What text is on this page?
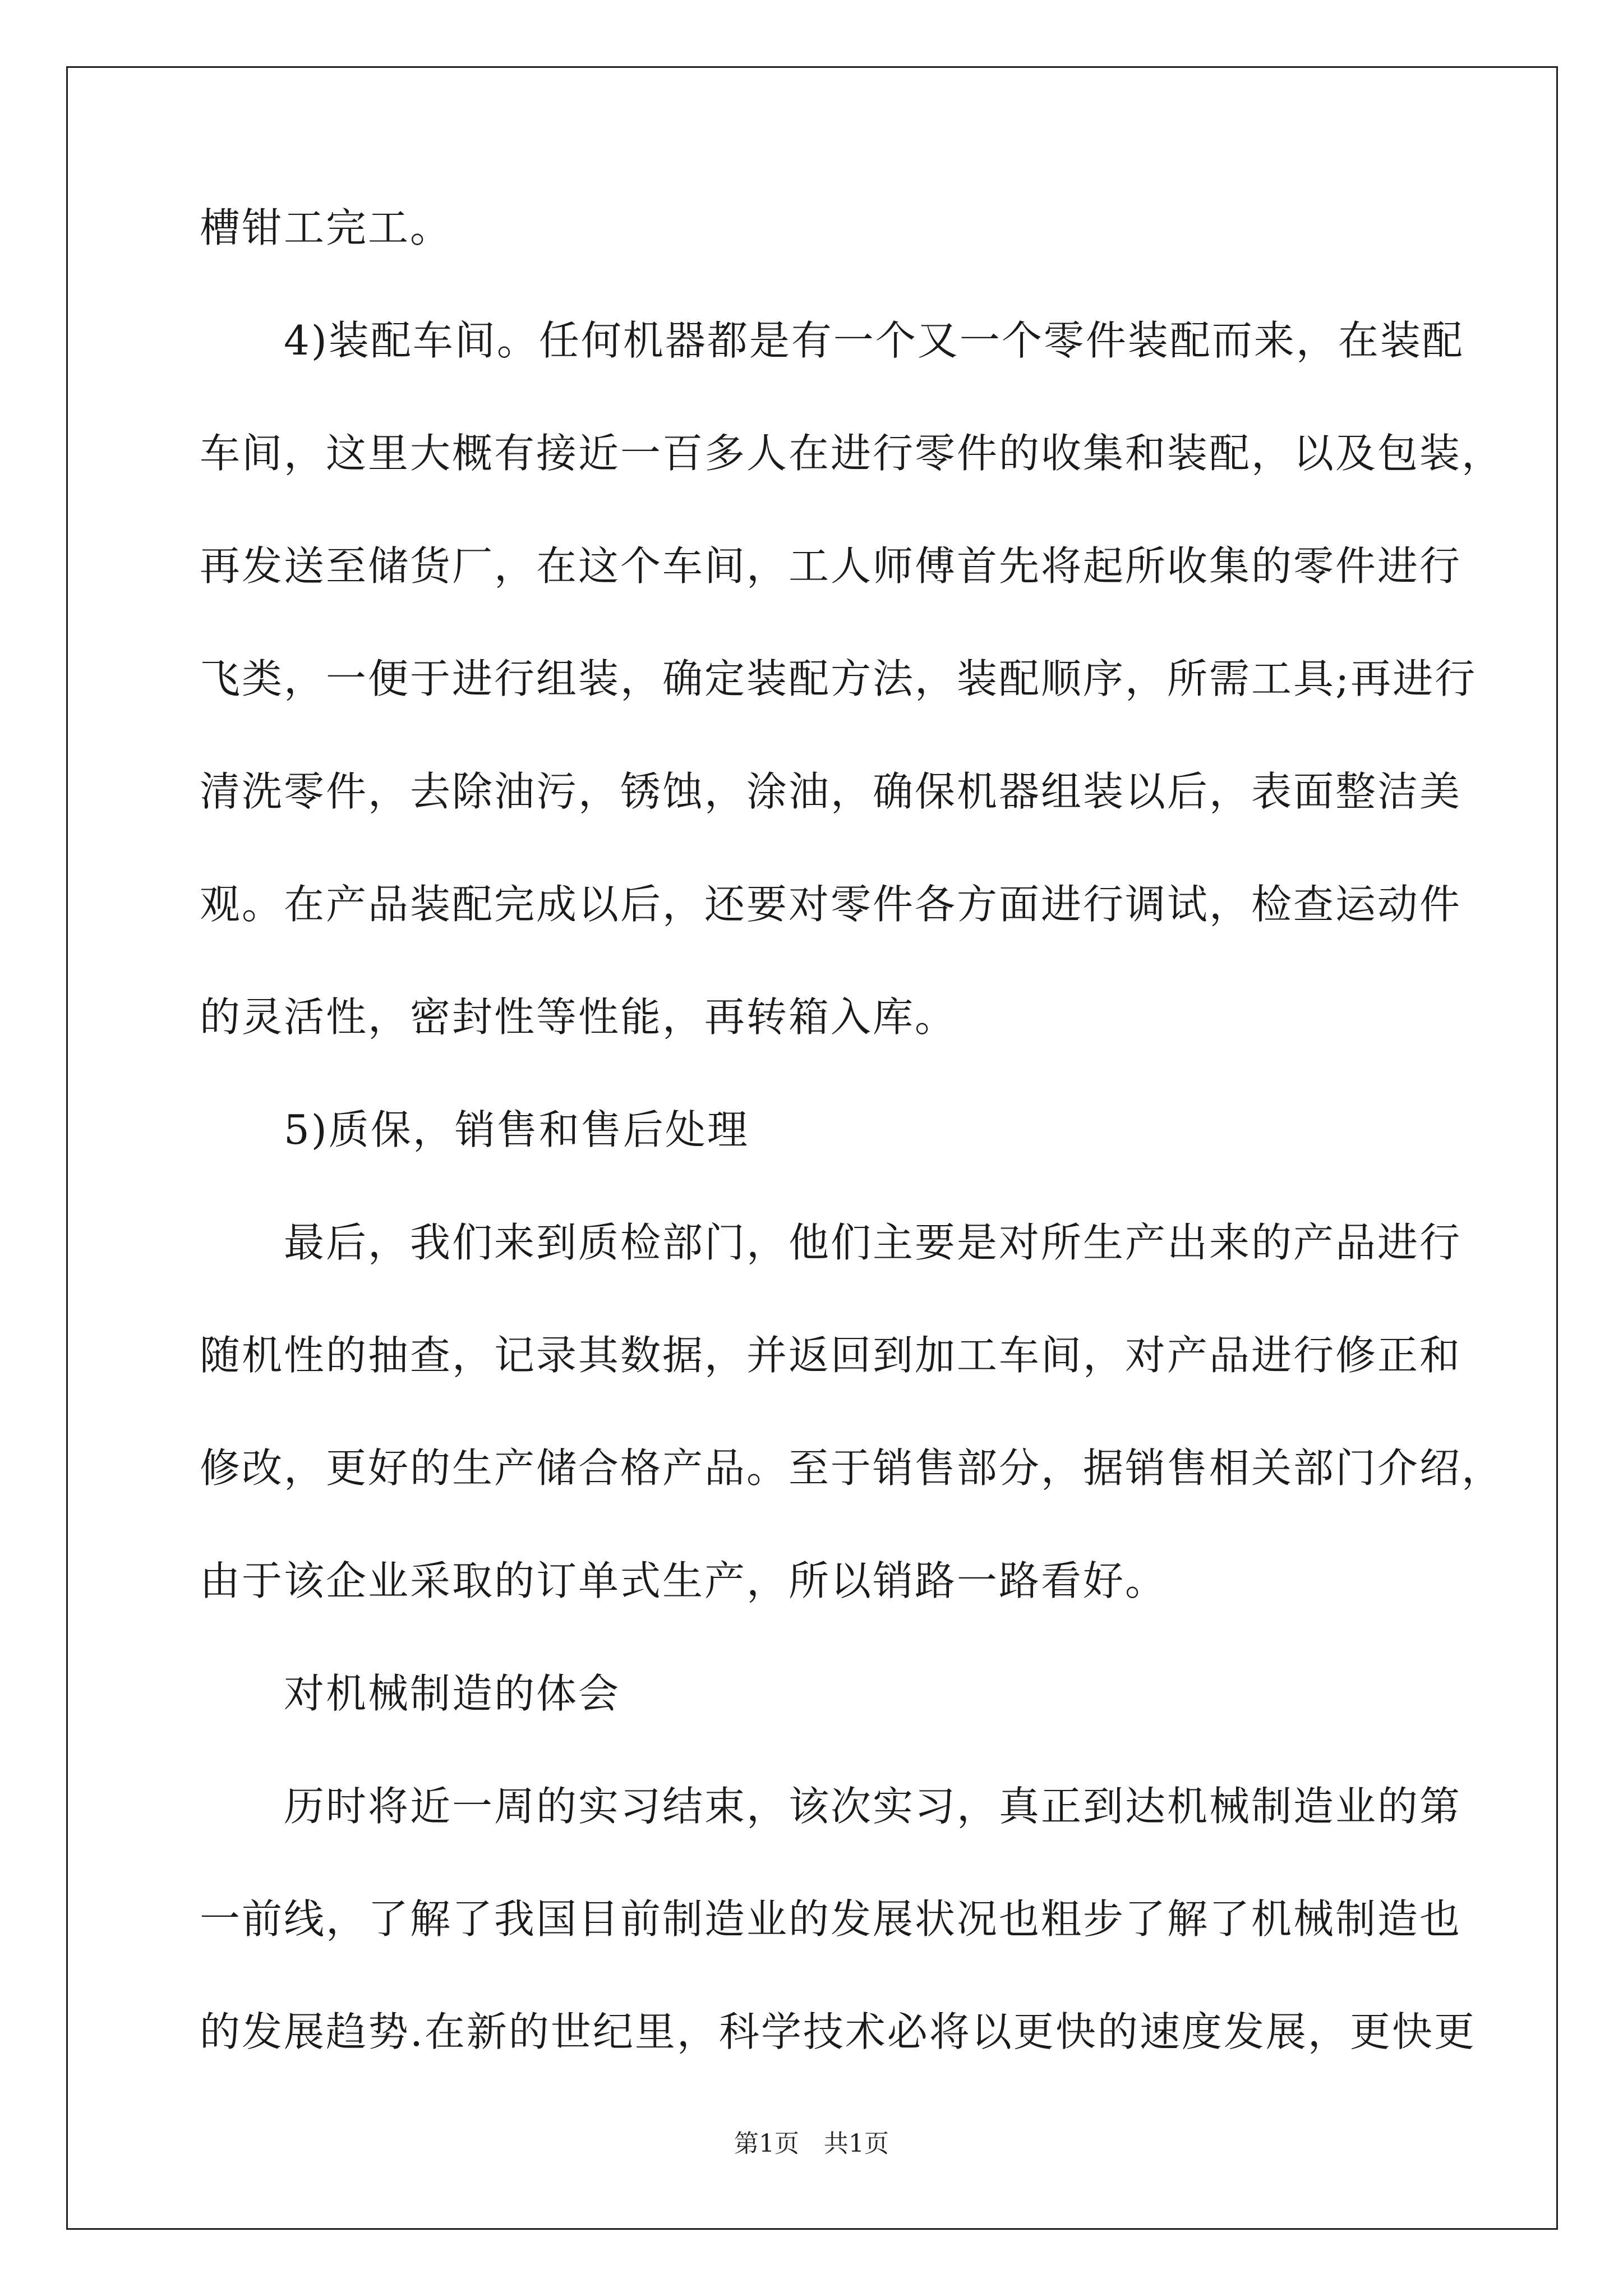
槽钳工完工。
4)装配车间。任何机器都是有一个又一个零件装配而来，在装配
车间，这里大概有接近一百多人在进行零件的收集和装配，以及包装，
再发送至储货厂，在这个车间，工人师傅首先将起所收集的零件进行
飞类，一便于进行组装，确定装配方法，装配顺序，所需工具;再进行
清洗零件，去除油污，锈蚀，涂油，确保机器组装以后，表面整洁美
观。在产品装配完成以后，还要对零件各方面进行调试，检查运动件
的灵活性，密封性等性能，再转箱入库。
5)质保，销售和售后处理
最后，我们来到质检部门，他们主要是对所生产出来的产品进行
随机性的抽查，记录其数据，并返回到加工车间，对产品进行修正和
修改，更好的生产储合格产品。至于销售部分，据销售相关部门介绍，
由于该企业采取的订单式生产，所以销路一路看好。
对机械制造的体会
历时将近一周的实习结束，该次实习，真正到达机械制造业的第
一前线，了解了我国目前制造业的发展状况也粗步了解了机械制造也
的发展趋势.在新的世纪里，科学技术必将以更快的速度发展，更快更
第1页　共1页
